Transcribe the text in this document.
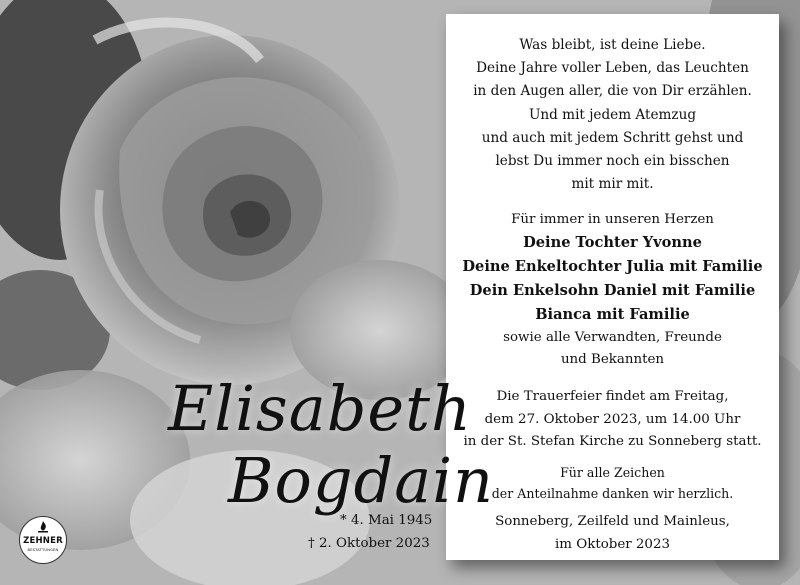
Was bleibt, ist deine Liebe.
Deine Jahre voller Leben, das Leuchten
in den Augen aller, die von Dir erzählen.
Und mit jedem Atemzug
und auch mit jedem Schritt gehst und
lebst Du immer noch ein bisschen
mit mir mit.
Für immer in unseren Herzen
Deine Tochter Yvonne
Deine Enkeltochter Julia mit Familie
Dein Enkelsohn Daniel mit Familie
Bianca mit Familie
sowie alle Verwandten, Freunde
und Bekannten
Die Trauerfeier findet am Freitag,
dem 27. Oktober 2023, um 14.00 Uhr
in der St. Stefan Kirche zu Sonneberg statt.
Für alle Zeichen
der Anteilnahme danken wir herzlich.
Sonneberg, Zeilfeld und Mainleus,
im Oktober 2023
Elisabeth
Bogdain
* 4. Mai 1945
† 2. Oktober 2023
ZEHNER
BESTATTUNGEN
